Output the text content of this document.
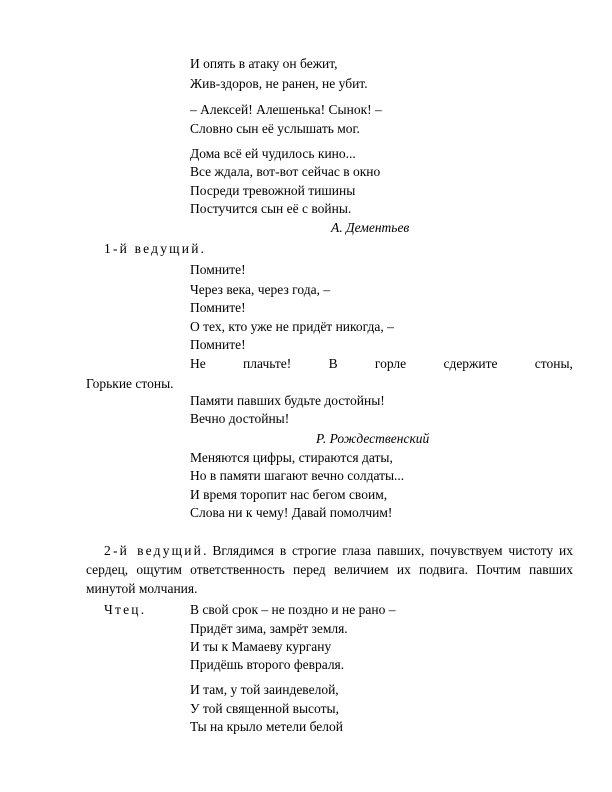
И опять в атаку он бежит,
Жив-здоров, не ранен, не убит.
– Алексей! Алешенька! Сынок! –
Словно сын её услышать мог.
Дома всё ей чудилось кино...
Все ждала, вот-вот сейчас в окно
Посреди тревожной тишины
Постучится сын её с войны.
А. Дементьев
1-й ведущий.
Помните!
Через века, через года, –
Помните!
О тех, кто уже не придёт никогда, –
Помните!
Не	плачьте!	В	горле	сдержите	стоны,
Горькие стоны.
Памяти павших будьте достойны!
Вечно достойны!
Р. Рождественский
Меняются цифры, стираются даты,
Но в памяти шагают вечно солдаты...
И время торопит нас бегом своим,
Слова ни к чему! Давай помолчим!
2-й ведущий. Вглядимся в строгие глаза павших, почувствуем чистоту их сердец, ощутим ответственность перед величием их подвига. Почтим павших минутой молчания.
Чтец.	В свой срок – не поздно и не рано –
Придёт зима, замрёт земля.
И ты к Мамаеву кургану
Придёшь второго февраля.
И там, у той заиндевелой,
У той священной высоты,
Ты на крыло метели белой
